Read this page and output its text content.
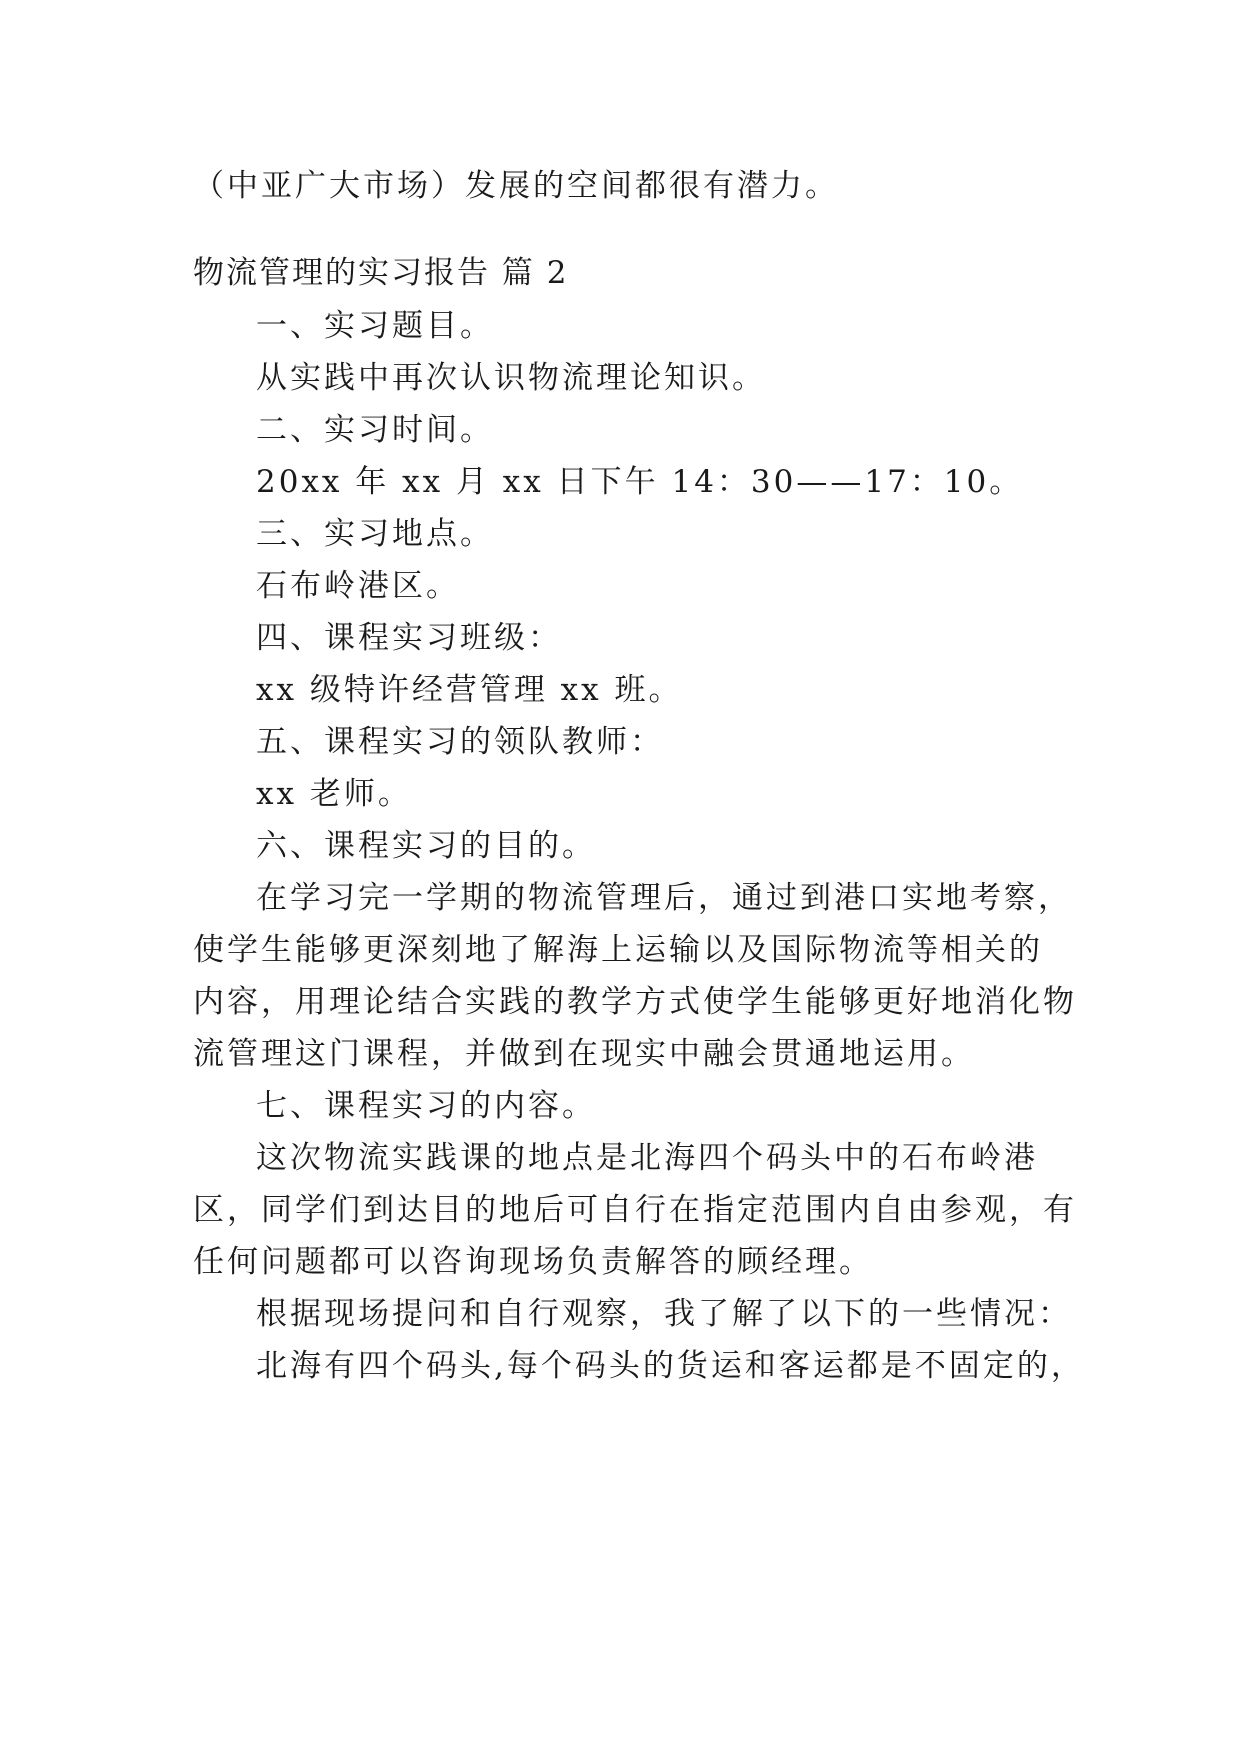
（中亚广大市场）发展的空间都很有潜力。
物流管理的实习报告 篇 2
一、实习题目。
从实践中再次认识物流理论知识。
二、实习时间。
20xx 年 xx 月 xx 日下午 14：30——17：10。
三、实习地点。
石布岭港区。
四、课程实习班级：
xx 级特许经营管理 xx 班。
五、课程实习的领队教师：
xx 老师。
六、课程实习的目的。
在学习完一学期的物流管理后，通过到港口实地考察，
使学生能够更深刻地了解海上运输以及国际物流等相关的
内容，用理论结合实践的教学方式使学生能够更好地消化物
流管理这门课程，并做到在现实中融会贯通地运用。
七、课程实习的内容。
这次物流实践课的地点是北海四个码头中的石布岭港
区，同学们到达目的地后可自行在指定范围内自由参观，有
任何问题都可以咨询现场负责解答的顾经理。
根据现场提问和自行观察，我了解了以下的一些情况：
北海有四个码头,每个码头的货运和客运都是不固定的，
